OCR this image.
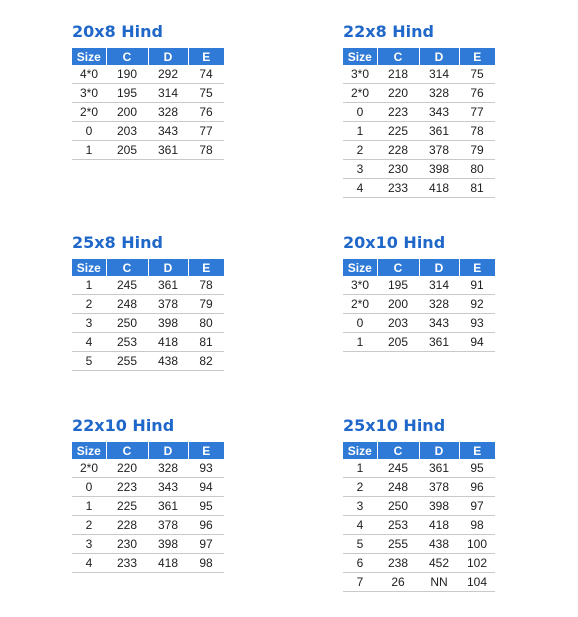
20x8 Hind
Size	C	D	E
4*0	190	292	74
3*0	195	314	75
2*0	200	328	76
0	203	343	77
1	205	361	78
22x8 Hind
Size	C	D	E
3*0	218	314	75
2*0	220	328	76
0	223	343	77
1	225	361	78
2	228	378	79
3	230	398	80
4	233	418	81
25x8 Hind
Size	C	D	E
1	245	361	78
2	248	378	79
3	250	398	80
4	253	418	81
5	255	438	82
20x10 Hind
Size	C	D	E
3*0	195	314	91
2*0	200	328	92
0	203	343	93
1	205	361	94
22x10 Hind
Size	C	D	E
2*0	220	328	93
0	223	343	94
1	225	361	95
2	228	378	96
3	230	398	97
4	233	418	98
25x10 Hind
Size	C	D	E
1	245	361	95
2	248	378	96
3	250	398	97
4	253	418	98
5	255	438	100
6	238	452	102
7	26	NN	104
